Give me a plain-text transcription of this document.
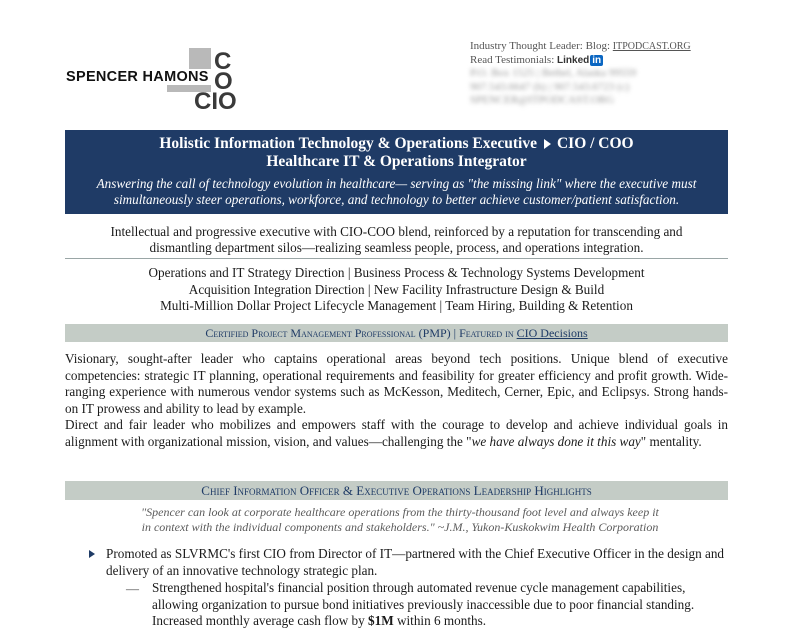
C
O
CIO
SPENCER HAMONS
Industry Thought Leader: Blog: ITPODCAST.ORG
Read Testimonials: Linked in
P.O. Box 1525 | Bethel, Alaska 99559
907.543.6647 (h) | 907.543.6723 (c)
SPENCER@ITPODCAST.ORG
Holistic Information Technology & Operations Executive CIO / COO
Healthcare IT & Operations Integrator
Answering the call of technology evolution in healthcare— serving as "the missing link" where the executive must
simultaneously steer operations, workforce, and technology to better achieve customer/patient satisfaction.
Intellectual and progressive executive with CIO-COO blend, reinforced by a reputation for transcending and
dismantling department silos—realizing seamless people, process, and operations integration.
Operations and IT Strategy Direction | Business Process & Technology Systems Development
Acquisition Integration Direction | New Facility Infrastructure Design & Build
Multi-Million Dollar Project Lifecycle Management | Team Hiring, Building & Retention
Certified Project Management Professional (PMP) | Featured in CIO Decisions
Visionary, sought-after leader who captains operational areas beyond tech positions. Unique blend of executive competencies: strategic IT planning, operational requirements and feasibility for greater efficiency and profit growth. Wide-ranging experience with numerous vendor systems such as McKesson, Meditech, Cerner, Epic, and Eclipsys. Strong hands-on IT prowess and ability to lead by example.
Direct and fair leader who mobilizes and empowers staff with the courage to develop and achieve individual goals in alignment with organizational mission, vision, and values—challenging the "we have always done it this way" mentality.
Chief Information Officer & Executive Operations Leadership Highlights
"Spencer can look at corporate healthcare operations from the thirty-thousand foot level and always keep it
in context with the individual components and stakeholders." ~J.M., Yukon-Kuskokwim Health Corporation
Promoted as SLVRMC's first CIO from Director of IT—partnered with the Chief Executive Officer in the design and delivery of an innovative technology strategic plan.
— Strengthened hospital's financial position through automated revenue cycle management capabilities, allowing organization to pursue bond initiatives previously inaccessible due to poor financial standing. Increased monthly average cash flow by $1M within 6 months.
